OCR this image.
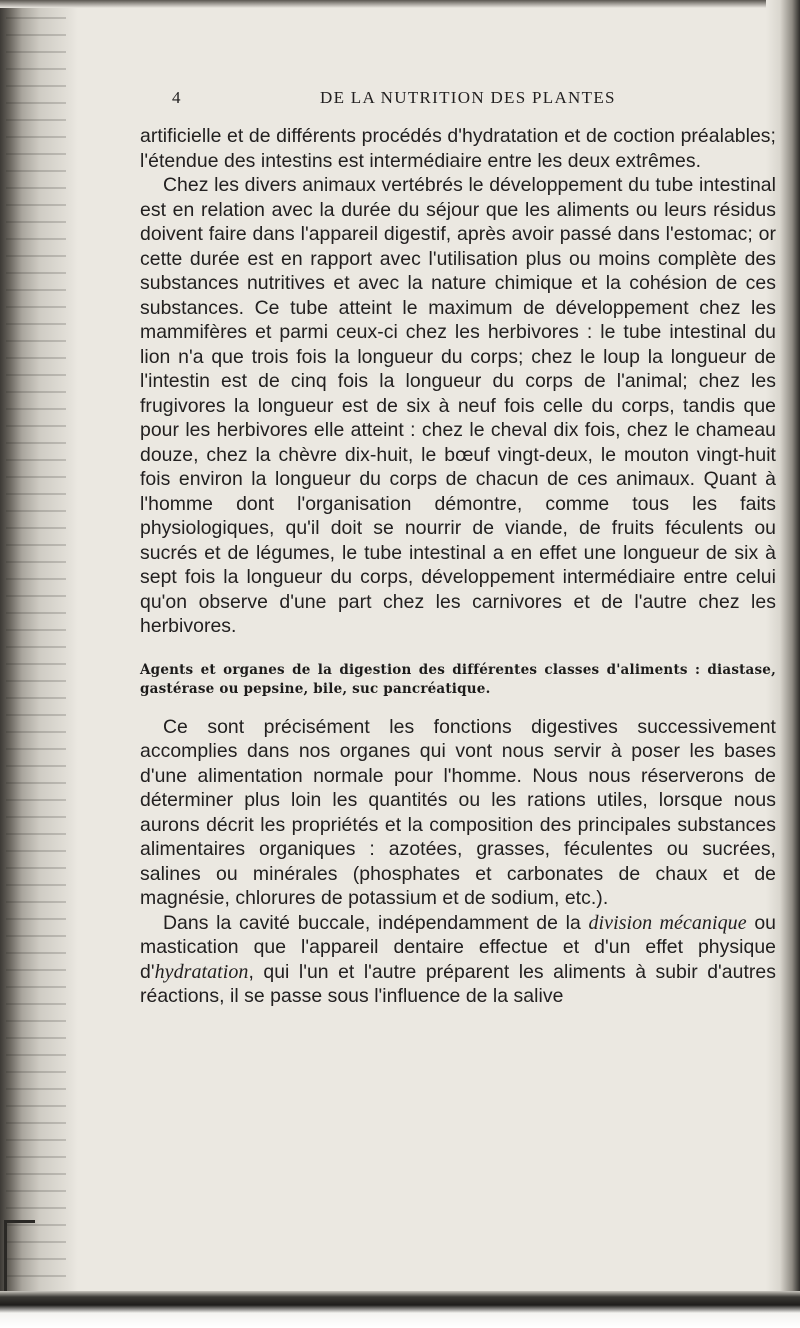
4	DE LA NUTRITION DES PLANTES

artificielle et de différents procédés d'hydratation et de coction préalables; l'étendue des intestins est intermédiaire entre les deux extrêmes.

Chez les divers animaux vertébrés le développement du tube intestinal est en relation avec la durée du séjour que les aliments ou leurs résidus doivent faire dans l'appareil digestif, après avoir passé dans l'estomac; or cette durée est en rapport avec l'utilisation plus ou moins complète des substances nutritives et avec la nature chimique et la cohésion de ces substances. Ce tube atteint le maximum de développement chez les mammifères et parmi ceux-ci chez les herbivores : le tube intestinal du lion n'a que trois fois la longueur du corps; chez le loup la longueur de l'intestin est de cinq fois la longueur du corps de l'animal; chez les frugivores la longueur est de six à neuf fois celle du corps, tandis que pour les herbivores elle atteint : chez le cheval dix fois, chez le chameau douze, chez la chèvre dix-huit, le bœuf vingt-deux, le mouton vingt-huit fois environ la longueur du corps de chacun de ces animaux. Quant à l'homme dont l'organisation démontre, comme tous les faits physiologiques, qu'il doit se nourrir de viande, de fruits féculents ou sucrés et de légumes, le tube intestinal a en effet une longueur de six à sept fois la longueur du corps, développement intermédiaire entre celui qu'on observe d'une part chez les carnivores et de l'autre chez les herbivores.

Agents et organes de la digestion des différentes classes d'aliments : diastase, gastérase ou pepsine, bile, suc pancréatique.

Ce sont précisément les fonctions digestives successivement accomplies dans nos organes qui vont nous servir à poser les bases d'une alimentation normale pour l'homme. Nous nous réserverons de déterminer plus loin les quantités ou les rations utiles, lorsque nous aurons décrit les propriétés et la composition des principales substances alimentaires organiques : azotées, grasses, féculentes ou sucrées, salines ou minérales (phosphates et carbonates de chaux et de magnésie, chlorures de potassium et de sodium, etc.).

Dans la cavité buccale, indépendamment de la division mécanique ou mastication que l'appareil dentaire effectue et d'un effet physique d'hydratation, qui l'un et l'autre préparent les aliments à subir d'autres réactions, il se passe sous l'influence de la salive
